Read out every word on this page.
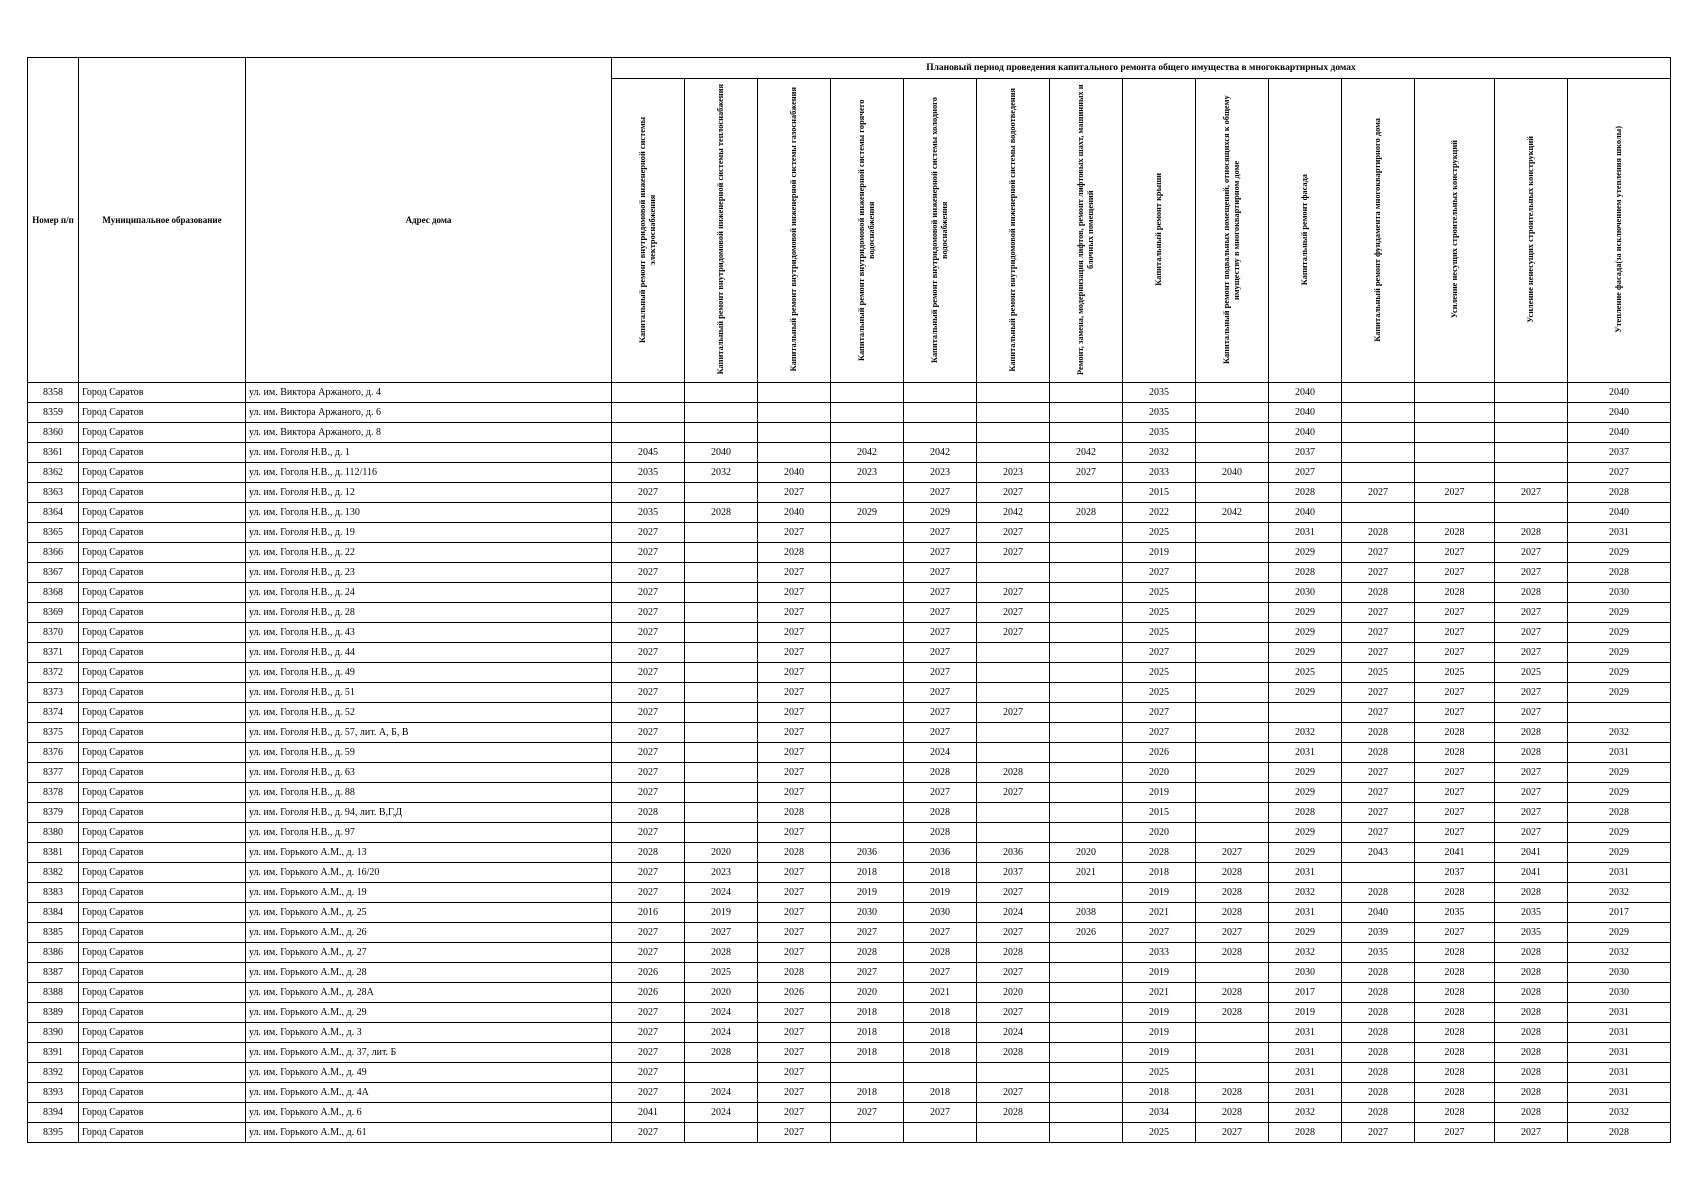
Номер п/п	Муниципальное образование	Адрес дома	Плановый период проведения капитального ремонта общего имущества в многоквартирных домах													
			Капитальный ремонт внутридомовой инженерной системы электроснабжения	Капитальный ремонт внутридомовой инженерной системы теплоснабжения	Капитальный ремонт внутридомовой инженерной системы газоснабжения	Капитальный ремонт внутридомовой инженерной системы горячего водоснабжения	Капитальный ремонт внутридомовой инженерной системы холодного водоснабжения	Капитальный ремонт внутридомовой инженерной системы водоотведения	Ремонт, замена, модернизация лифтов, ремонт лифтовых шахт, машинных и блочных помещений	Капитальный ремонт крыши	Капитальный ремонт подвальных помещений, относящихся к общему имуществу в многоквартирном доме	Капитальный ремонт фасада	Капитальный ремонт фундамента многоквартирного дома	Усиление несущих строительных конструкций	Усиление ненесущих строительных конструкций	Утепление фасада(за исключением утепления школы)
8358	Город Саратов	ул. им. Виктора Аржаного, д. 4								2035		2040				2040
8359	Город Саратов	ул. им. Виктора Аржаного, д. 6								2035		2040				2040
8360	Город Саратов	ул. им. Виктора Аржаного, д. 8								2035		2040				2040
8361	Город Саратов	ул. им. Гоголя Н.В., д. 1	2045	2040		2042	2042		2042	2032		2037				2037
8362	Город Саратов	ул. им. Гоголя Н.В., д. 112/116	2035	2032	2040	2023	2023	2023	2027	2033	2040	2027				2027
8363	Город Саратов	ул. им. Гоголя Н.В., д. 12	2027		2027		2027	2027		2015		2028	2027	2027	2027	2028
8364	Город Саратов	ул. им. Гоголя Н.В., д. 130	2035	2028	2040	2029	2029	2042	2028	2022	2042	2040				2040
8365	Город Саратов	ул. им. Гоголя Н.В., д. 19	2027		2027		2027	2027		2025		2031	2028	2028	2028	2031
8366	Город Саратов	ул. им. Гоголя Н.В., д. 22	2027		2028		2027	2027		2019		2029	2027	2027	2027	2029
8367	Город Саратов	ул. им. Гоголя Н.В., д. 23	2027		2027		2027			2027		2028	2027	2027	2027	2028
8368	Город Саратов	ул. им. Гоголя Н.В., д. 24	2027		2027		2027	2027		2025		2030	2028	2028	2028	2030
8369	Город Саратов	ул. им. Гоголя Н.В., д. 28	2027		2027		2027	2027		2025		2029	2027	2027	2027	2029
8370	Город Саратов	ул. им. Гоголя Н.В., д. 43	2027		2027		2027	2027		2025		2029	2027	2027	2027	2029
8371	Город Саратов	ул. им. Гоголя Н.В., д. 44	2027		2027		2027			2027		2029	2027	2027	2027	2029
8372	Город Саратов	ул. им. Гоголя Н.В., д. 49	2027		2027		2027			2025		2025	2025	2025	2025	2029
8373	Город Саратов	ул. им. Гоголя Н.В., д. 51	2027		2027		2027			2025		2029	2027	2027	2027	2029
8374	Город Саратов	ул. им. Гоголя Н.В., д. 52	2027		2027		2027	2027		2027			2027	2027	2027	
8375	Город Саратов	ул. им. Гоголя Н.В., д. 57, лит. А, Б, В	2027		2027		2027			2027		2032	2028	2028	2028	2032
8376	Город Саратов	ул. им. Гоголя Н.В., д. 59	2027		2027		2024			2026		2031	2028	2028	2028	2031
8377	Город Саратов	ул. им. Гоголя Н.В., д. 63	2027		2027		2028	2028		2020		2029	2027	2027	2027	2029
8378	Город Саратов	ул. им. Гоголя Н.В., д. 88	2027		2027		2027	2027		2019		2029	2027	2027	2027	2029
8379	Город Саратов	ул. им. Гоголя Н.В., д. 94, лит. В,Г,Д	2028		2028		2028			2015		2028	2027	2027	2027	2028
8380	Город Саратов	ул. им. Гоголя Н.В., д. 97	2027		2027		2028			2020		2029	2027	2027	2027	2029
8381	Город Саратов	ул. им. Горького А.М., д. 13	2028	2020	2028	2036	2036	2036	2020	2028	2027	2029	2043	2041	2041	2029
8382	Город Саратов	ул. им. Горького А.М., д. 16/20	2027	2023	2027	2018	2018	2037	2021	2018	2028	2031		2037	2041	2031
8383	Город Саратов	ул. им. Горького А.М., д. 19	2027	2024	2027	2019	2019	2027		2019	2028	2032	2028	2028	2028	2032
8384	Город Саратов	ул. им. Горького А.М., д. 25	2016	2019	2027	2030	2030	2024	2038	2021	2028	2031	2040	2035	2035	2017
8385	Город Саратов	ул. им. Горького А.М., д. 26	2027	2027	2027	2027	2027	2027	2026	2027	2027	2029	2039	2027	2035	2029
8386	Город Саратов	ул. им. Горького А.М., д. 27	2027	2028	2027	2028	2028	2028		2033	2028	2032	2035	2028	2028	2032
8387	Город Саратов	ул. им. Горького А.М., д. 28	2026	2025	2028	2027	2027	2027		2019		2030	2028	2028	2028	2030
8388	Город Саратов	ул. им. Горького А.М., д. 28А	2026	2020	2026	2020	2021	2020		2021	2028	2017	2028	2028	2028	2030
8389	Город Саратов	ул. им. Горького А.М., д. 29	2027	2024	2027	2018	2018	2027		2019	2028	2019	2028	2028	2028	2031
8390	Город Саратов	ул. им. Горького А.М., д. 3	2027	2024	2027	2018	2018	2024		2019		2031	2028	2028	2028	2031
8391	Город Саратов	ул. им. Горького А.М., д. 37, лит. Б	2027	2028	2027	2018	2018	2028		2019		2031	2028	2028	2028	2031
8392	Город Саратов	ул. им. Горького А.М., д. 49	2027		2027					2025		2031	2028	2028	2028	2031
8393	Город Саратов	ул. им. Горького А.М., д. 4А	2027	2024	2027	2018	2018	2027		2018	2028	2031	2028	2028	2028	2031
8394	Город Саратов	ул. им. Горького А.М., д. 6	2041	2024	2027	2027	2027	2028		2034	2028	2032	2028	2028	2028	2032
8395	Город Саратов	ул. им. Горького А.М., д. 61	2027		2027					2025	2027	2028	2027	2027	2027	2028
